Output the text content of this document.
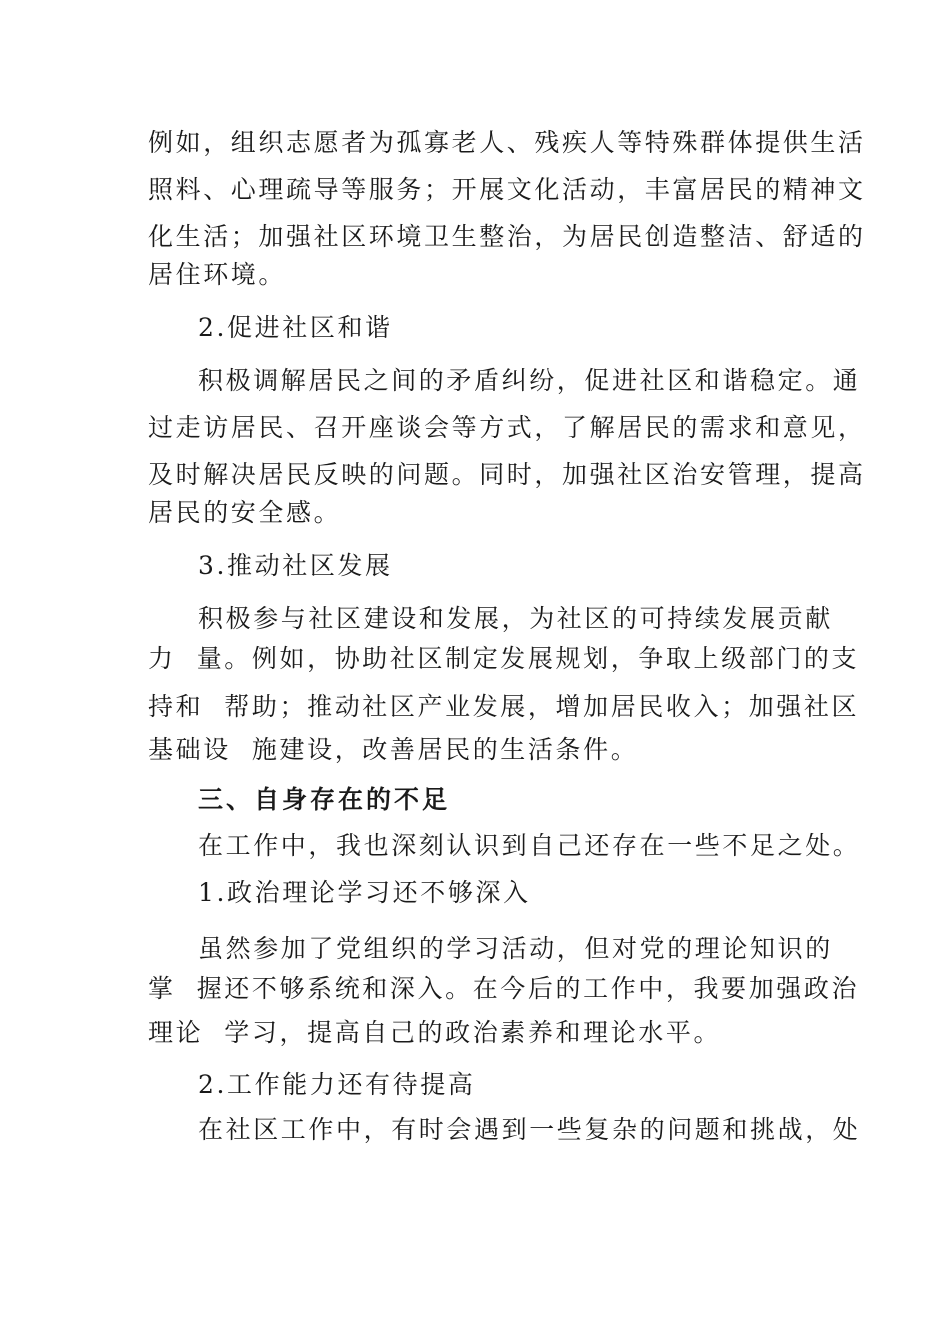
例如，组织志愿者为孤寡老人、残疾人等特殊群体提供生活
照料、心理疏导等服务；开展文化活动，丰富居民的精神文
化生活；加强社区环境卫生整治，为居民创造整洁、舒适的
居住环境。
2.促进社区和谐
积极调解居民之间的矛盾纠纷，促进社区和谐稳定。通
过走访居民、召开座谈会等方式，了解居民的需求和意见，
及时解决居民反映的问题。同时，加强社区治安管理，提高
居民的安全感。
3.推动社区发展
积极参与社区建设和发展，为社区的可持续发展贡献
力  量。例如，协助社区制定发展规划，争取上级部门的支
持和  帮助；推动社区产业发展，增加居民收入；加强社区
基础设  施建设，改善居民的生活条件。
三、自身存在的不足
在工作中，我也深刻认识到自己还存在一些不足之处。
1.政治理论学习还不够深入
虽然参加了党组织的学习活动，但对党的理论知识的
掌  握还不够系统和深入。在今后的工作中，我要加强政治
理论  学习，提高自己的政治素养和理论水平。
2.工作能力还有待提高
在社区工作中，有时会遇到一些复杂的问题和挑战，处
